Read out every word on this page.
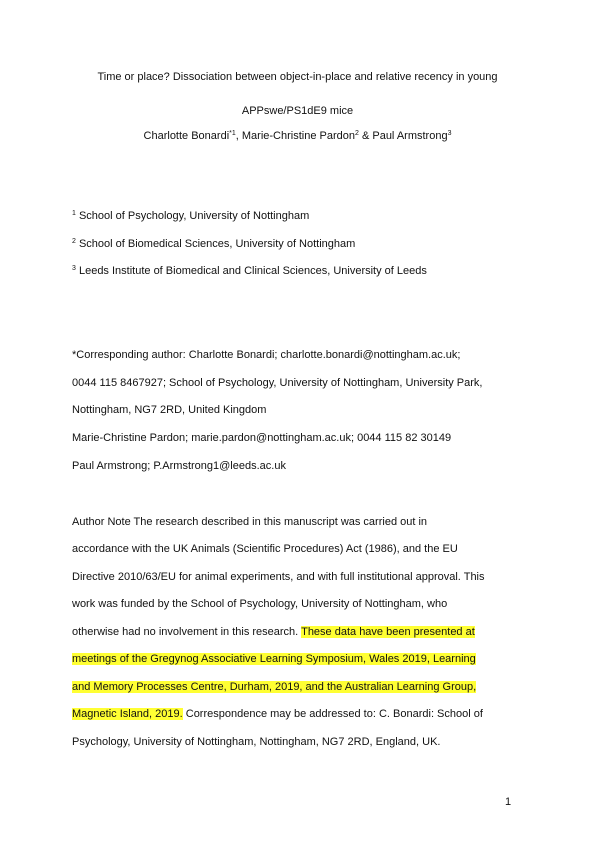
Time or place? Dissociation between object-in-place and relative recency in young
APPswe/PS1dE9 mice
Charlotte Bonardi$^{*1}$, Marie-Christine Pardon$^2$ & Paul Armstrong$^3$
$^1$ School of Psychology, University of Nottingham
$^2$ School of Biomedical Sciences, University of Nottingham
$^3$ Leeds Institute of Biomedical and Clinical Sciences, University of Leeds
*Corresponding author: Charlotte Bonardi; charlotte.bonardi@nottingham.ac.uk;
0044 115 8467927; School of Psychology, University of Nottingham, University Park,
Nottingham, NG7 2RD, United Kingdom
Marie-Christine Pardon; marie.pardon@nottingham.ac.uk; 0044 115 82 30149
Paul Armstrong; P.Armstrong1@leeds.ac.uk
Author Note The research described in this manuscript was carried out in
accordance with the UK Animals (Scientific Procedures) Act (1986), and the EU
Directive 2010/63/EU for animal experiments, and with full institutional approval. This
work was funded by the School of Psychology, University of Nottingham, who
otherwise had no involvement in this research. These data have been presented at
meetings of the Gregynog Associative Learning Symposium, Wales 2019, Learning
and Memory Processes Centre, Durham, 2019, and the Australian Learning Group,
Magnetic Island, 2019. Correspondence may be addressed to: C. Bonardi: School of
Psychology, University of Nottingham, Nottingham, NG7 2RD, England, UK.
1
